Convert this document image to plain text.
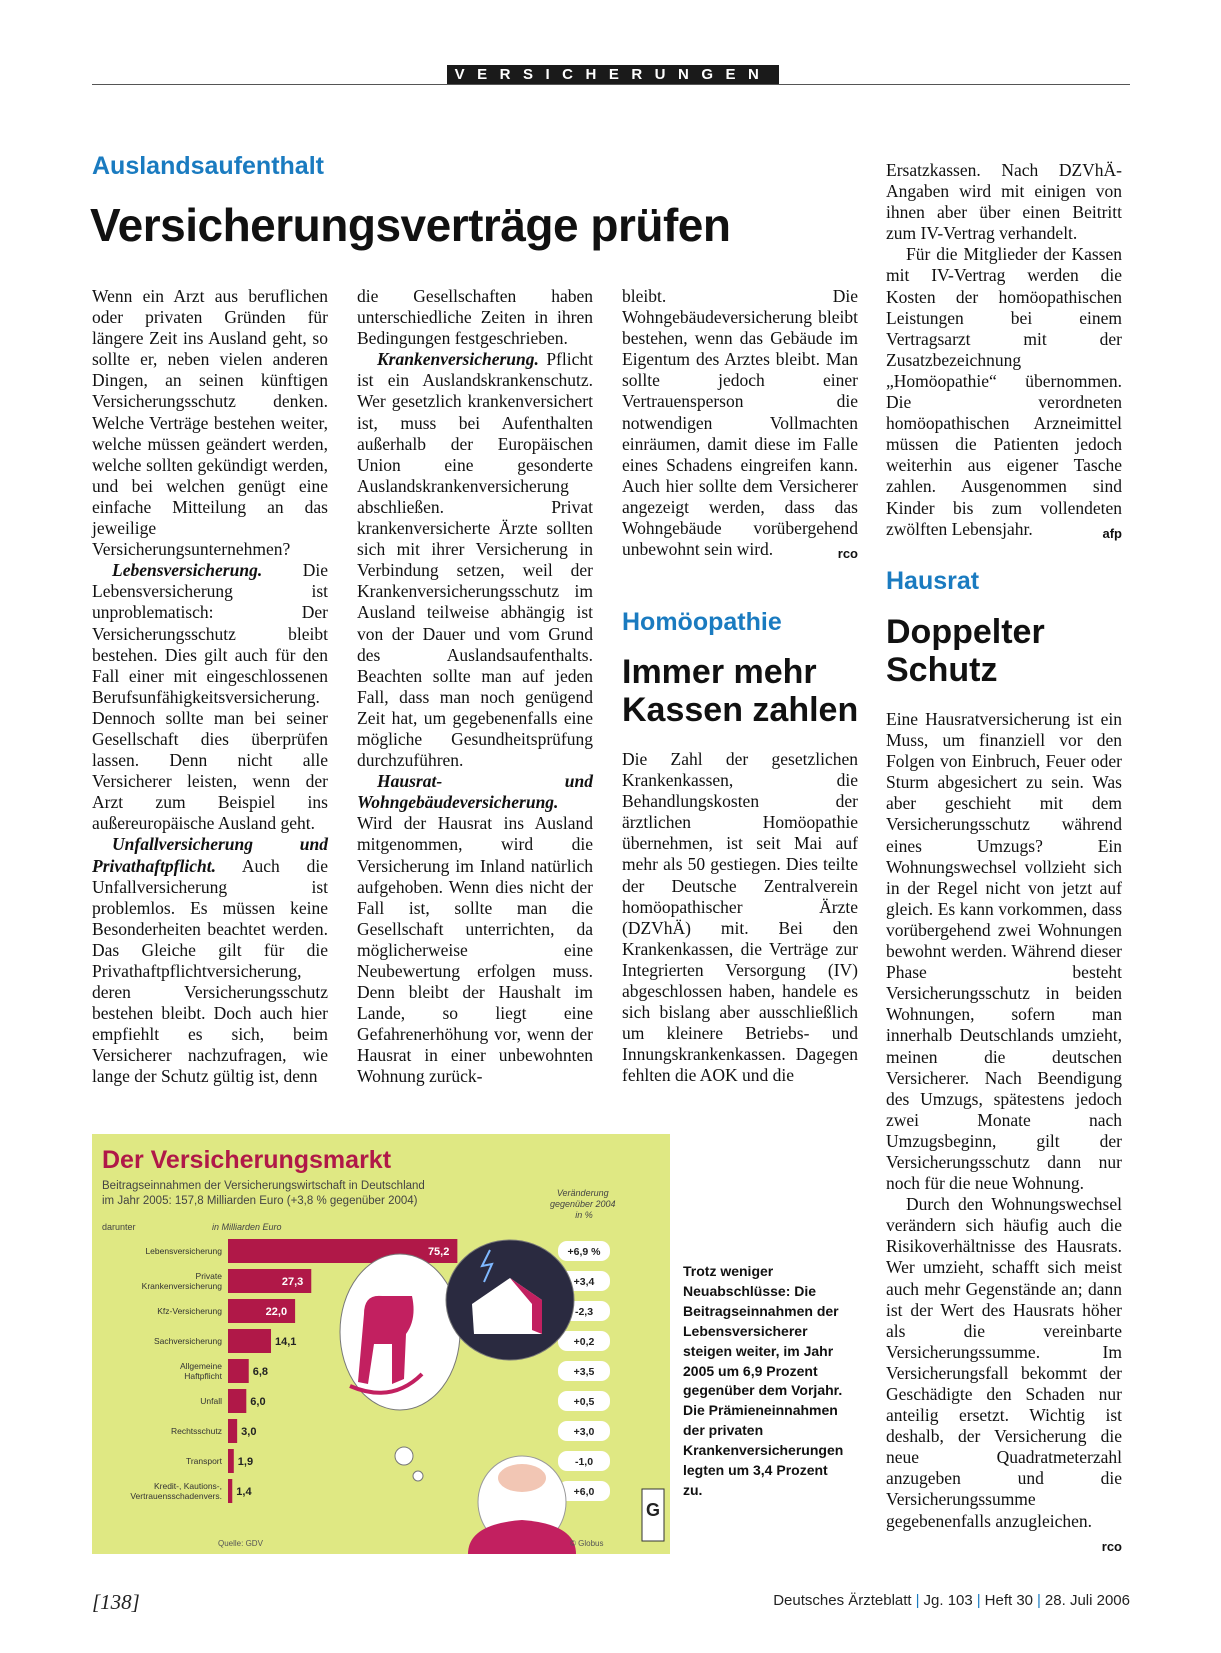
VERSICHERUNGEN
Auslandsaufenthalt
Versicherungsverträge prüfen

Wenn ein Arzt aus beruflichen oder privaten Gründen für längere Zeit ins Ausland geht, so sollte er, neben vielen anderen Dingen, an seinen künftigen Versicherungsschutz denken. Welche Verträge bestehen weiter, welche müssen geändert werden, welche sollten gekündigt werden, und bei welchen genügt eine einfache Mitteilung an das jeweilige Versicherungsunternehmen?

Lebensversicherung. Die Lebensversicherung ist unproblematisch: Der Versicherungsschutz bleibt bestehen. Dies gilt auch für den Fall einer mit eingeschlossenen Berufsunfähigkeitsversicherung. Dennoch sollte man bei seiner Gesellschaft dies überprüfen lassen. Denn nicht alle Versicherer leisten, wenn der Arzt zum Beispiel ins außereuropäische Ausland geht.

Unfallversicherung und Privathaftpflicht. Auch die Unfallversicherung ist problemlos. Es müssen keine Besonderheiten beachtet werden. Das Gleiche gilt für die Privathaftpflichtversicherung, deren Versicherungsschutz bestehen bleibt. Doch auch hier empfiehlt es sich, beim Versicherer nachzufragen, wie lange der Schutz gültig ist, denn

die Gesellschaften haben unterschiedliche Zeiten in ihren Bedingungen festgeschrieben.

Krankenversicherung. Pflicht ist ein Auslandskrankenschutz. Wer gesetzlich krankenversichert ist, muss bei Aufenthalten außerhalb der Europäischen Union eine gesonderte Auslandskrankenversicherung abschließen. Privat krankenversicherte Ärzte sollten sich mit ihrer Versicherung in Verbindung setzen, weil der Krankenversicherungsschutz im Ausland teilweise abhängig ist von der Dauer und vom Grund des Auslandsaufenthalts. Beachten sollte man auf jeden Fall, dass man noch genügend Zeit hat, um gegebenenfalls eine mögliche Gesundheitsprüfung durchzuführen.

Hausrat- und Wohngebäudeversicherung. Wird der Hausrat ins Ausland mitgenommen, wird die Versicherung im Inland natürlich aufgehoben. Wenn dies nicht der Fall ist, sollte man die Gesellschaft unterrichten, da möglicherweise eine Neubewertung erfolgen muss. Denn bleibt der Haushalt im Lande, so liegt eine Gefahrenerhöhung vor, wenn der Hausrat in einer unbewohnten Wohnung zurück-

bleibt. Die Wohngebäudeversicherung bleibt bestehen, wenn das Gebäude im Eigentum des Arztes bleibt. Man sollte jedoch einer Vertrauensperson die notwendigen Vollmachten einräumen, damit diese im Falle eines Schadens eingreifen kann. Auch hier sollte dem Versicherer angezeigt werden, dass das Wohngebäude vorübergehend unbewohnt sein wird.	rco

Homöopathie
Immer mehr
Kassen zahlen

Die Zahl der gesetzlichen Krankenkassen, die Behandlungskosten der ärztlichen Homöopathie übernehmen, ist seit Mai auf mehr als 50 gestiegen. Dies teilte der Deutsche Zentralverein homöopathischer Ärzte (DZVhÄ) mit. Bei den Krankenkassen, die Verträge zur Integrierten Versorgung (IV) abgeschlossen haben, handele es sich bislang aber ausschließlich um kleinere Betriebs- und Innungskrankenkassen. Dagegen fehlten die AOK und die

Ersatzkassen. Nach DZVhÄ-Angaben wird mit einigen von ihnen aber über einen Beitritt zum IV-Vertrag verhandelt.

Für die Mitglieder der Kassen mit IV-Vertrag werden die Kosten der homöopathischen Leistungen bei einem Vertragsarzt mit der Zusatzbezeichnung „Homöopathie“ übernommen. Die verordneten homöopathischen Arzneimittel müssen die Patienten jedoch weiterhin aus eigener Tasche zahlen. Ausgenommen sind Kinder bis zum vollendeten zwölften Lebensjahr.	afp

Hausrat
Doppelter
Schutz

Eine Hausratversicherung ist ein Muss, um finanziell vor den Folgen von Einbruch, Feuer oder Sturm abgesichert zu sein. Was aber geschieht mit dem Versicherungsschutz während eines Umzugs? Ein Wohnungswechsel vollzieht sich in der Regel nicht von jetzt auf gleich. Es kann vorkommen, dass vorübergehend zwei Wohnungen bewohnt werden. Während dieser Phase besteht Versicherungsschutz in beiden Wohnungen, sofern man innerhalb Deutschlands umzieht, meinen die deutschen Versicherer. Nach Beendigung des Umzugs, spätestens jedoch zwei Monate nach Umzugsbeginn, gilt der Versicherungsschutz dann nur noch für die neue Wohnung.

Durch den Wohnungswechsel verändern sich häufig auch die Risikoverhältnisse des Hausrats. Wer umzieht, schafft sich meist auch mehr Gegenstände an; dann ist der Wert des Hausrats höher als die vereinbarte Versicherungssumme. Im Versicherungsfall bekommt der Geschädigte den Schaden nur anteilig ersetzt. Wichtig ist deshalb, der Versicherung die neue Quadratmeterzahl anzugeben und die Versicherungssumme gegebenenfalls anzugleichen.
rco

Der Versicherungsmarkt
Beitragseinnahmen der Versicherungswirtschaft in Deutschland im Jahr 2005: 157,8 Milliarden Euro (+3,8 % gegenüber 2004)
darunter	in Milliarden Euro
Veränderung gegenüber 2004 in %
Lebensversicherung	75,2	+6,9 %
Private Krankenversicherung	27,3	+3,4
Kfz-Versicherung	22,0	-2,3
Sachversicherung	14,1	+0,2
Allgemeine Haftpflicht	6,8	+3,5
Unfall	6,0	+0,5
Rechtsschutz 3,0	+3,0
Transport 1,9	-1,0
Kredit-, Kautions-, Vertrauensschadenvers. 1,4	+6,0
Quelle: GDV	© Globus
G
Trotz weniger Neuabschlüsse: Die Beitragseinnahmen der Lebensversicherer steigen weiter, im Jahr 2005 um 6,9 Prozent gegenüber dem Vorjahr. Die Prämieneinnahmen der privaten Krankenversicherungen legten um 3,4 Prozent zu.
[138]	Deutsches Ärzteblatt | Jg. 103 | Heft 30 | 28. Juli 2006
